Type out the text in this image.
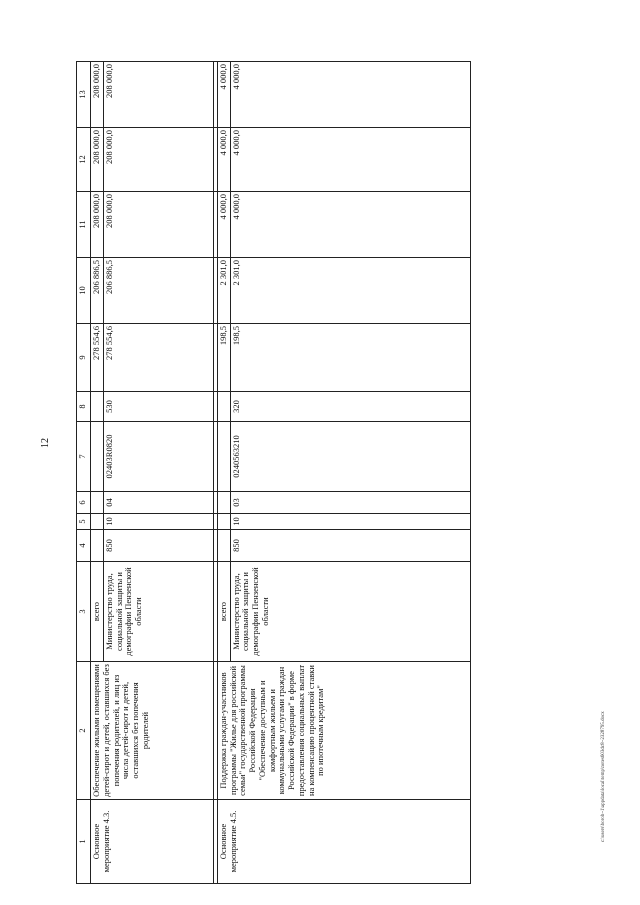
12
1	2	3	4	5	6	7	8	9	10	11	12	13
Основное мероприятие 4.3.	Обеспечение жилыми помещениями детей-сирот и детей, оставшихся без попечения родителей, и лиц из числа детей-сирот и детей, оставшихся без попечения родителей	всего						278 554,6	206 886,5	208 000,0	208 000,0	208 000,0
		Министерство труда, социальной защиты и демографии Пензенской области	850	10	04	02403R0820	530	278 554,6	206 886,5	208 000,0	208 000,0	208 000,0

Основное мероприятие 4.5.	Поддержка граждан-участников программы "Жилье для российской семьи" государственной программы Российской Федерации "Обеспечение доступным и комфортным жильем и коммунальными услугами граждан Российской Федерации" в форме предоставления социальных выплат на компенсацию процентной ставки по ипотечным кредитам"	всего						198,5	2 301,0	4 000,0	4 000,0	4 000,0
		Министерство труда, социальной защиты и демографии Пензенской области	850	10	03	0240563210	320	198,5	2 301,0	4 000,0	4 000,0	4 000,0
c:\users\boroh~1\appdata\local\temp\notes603dc8~2328795.docx
